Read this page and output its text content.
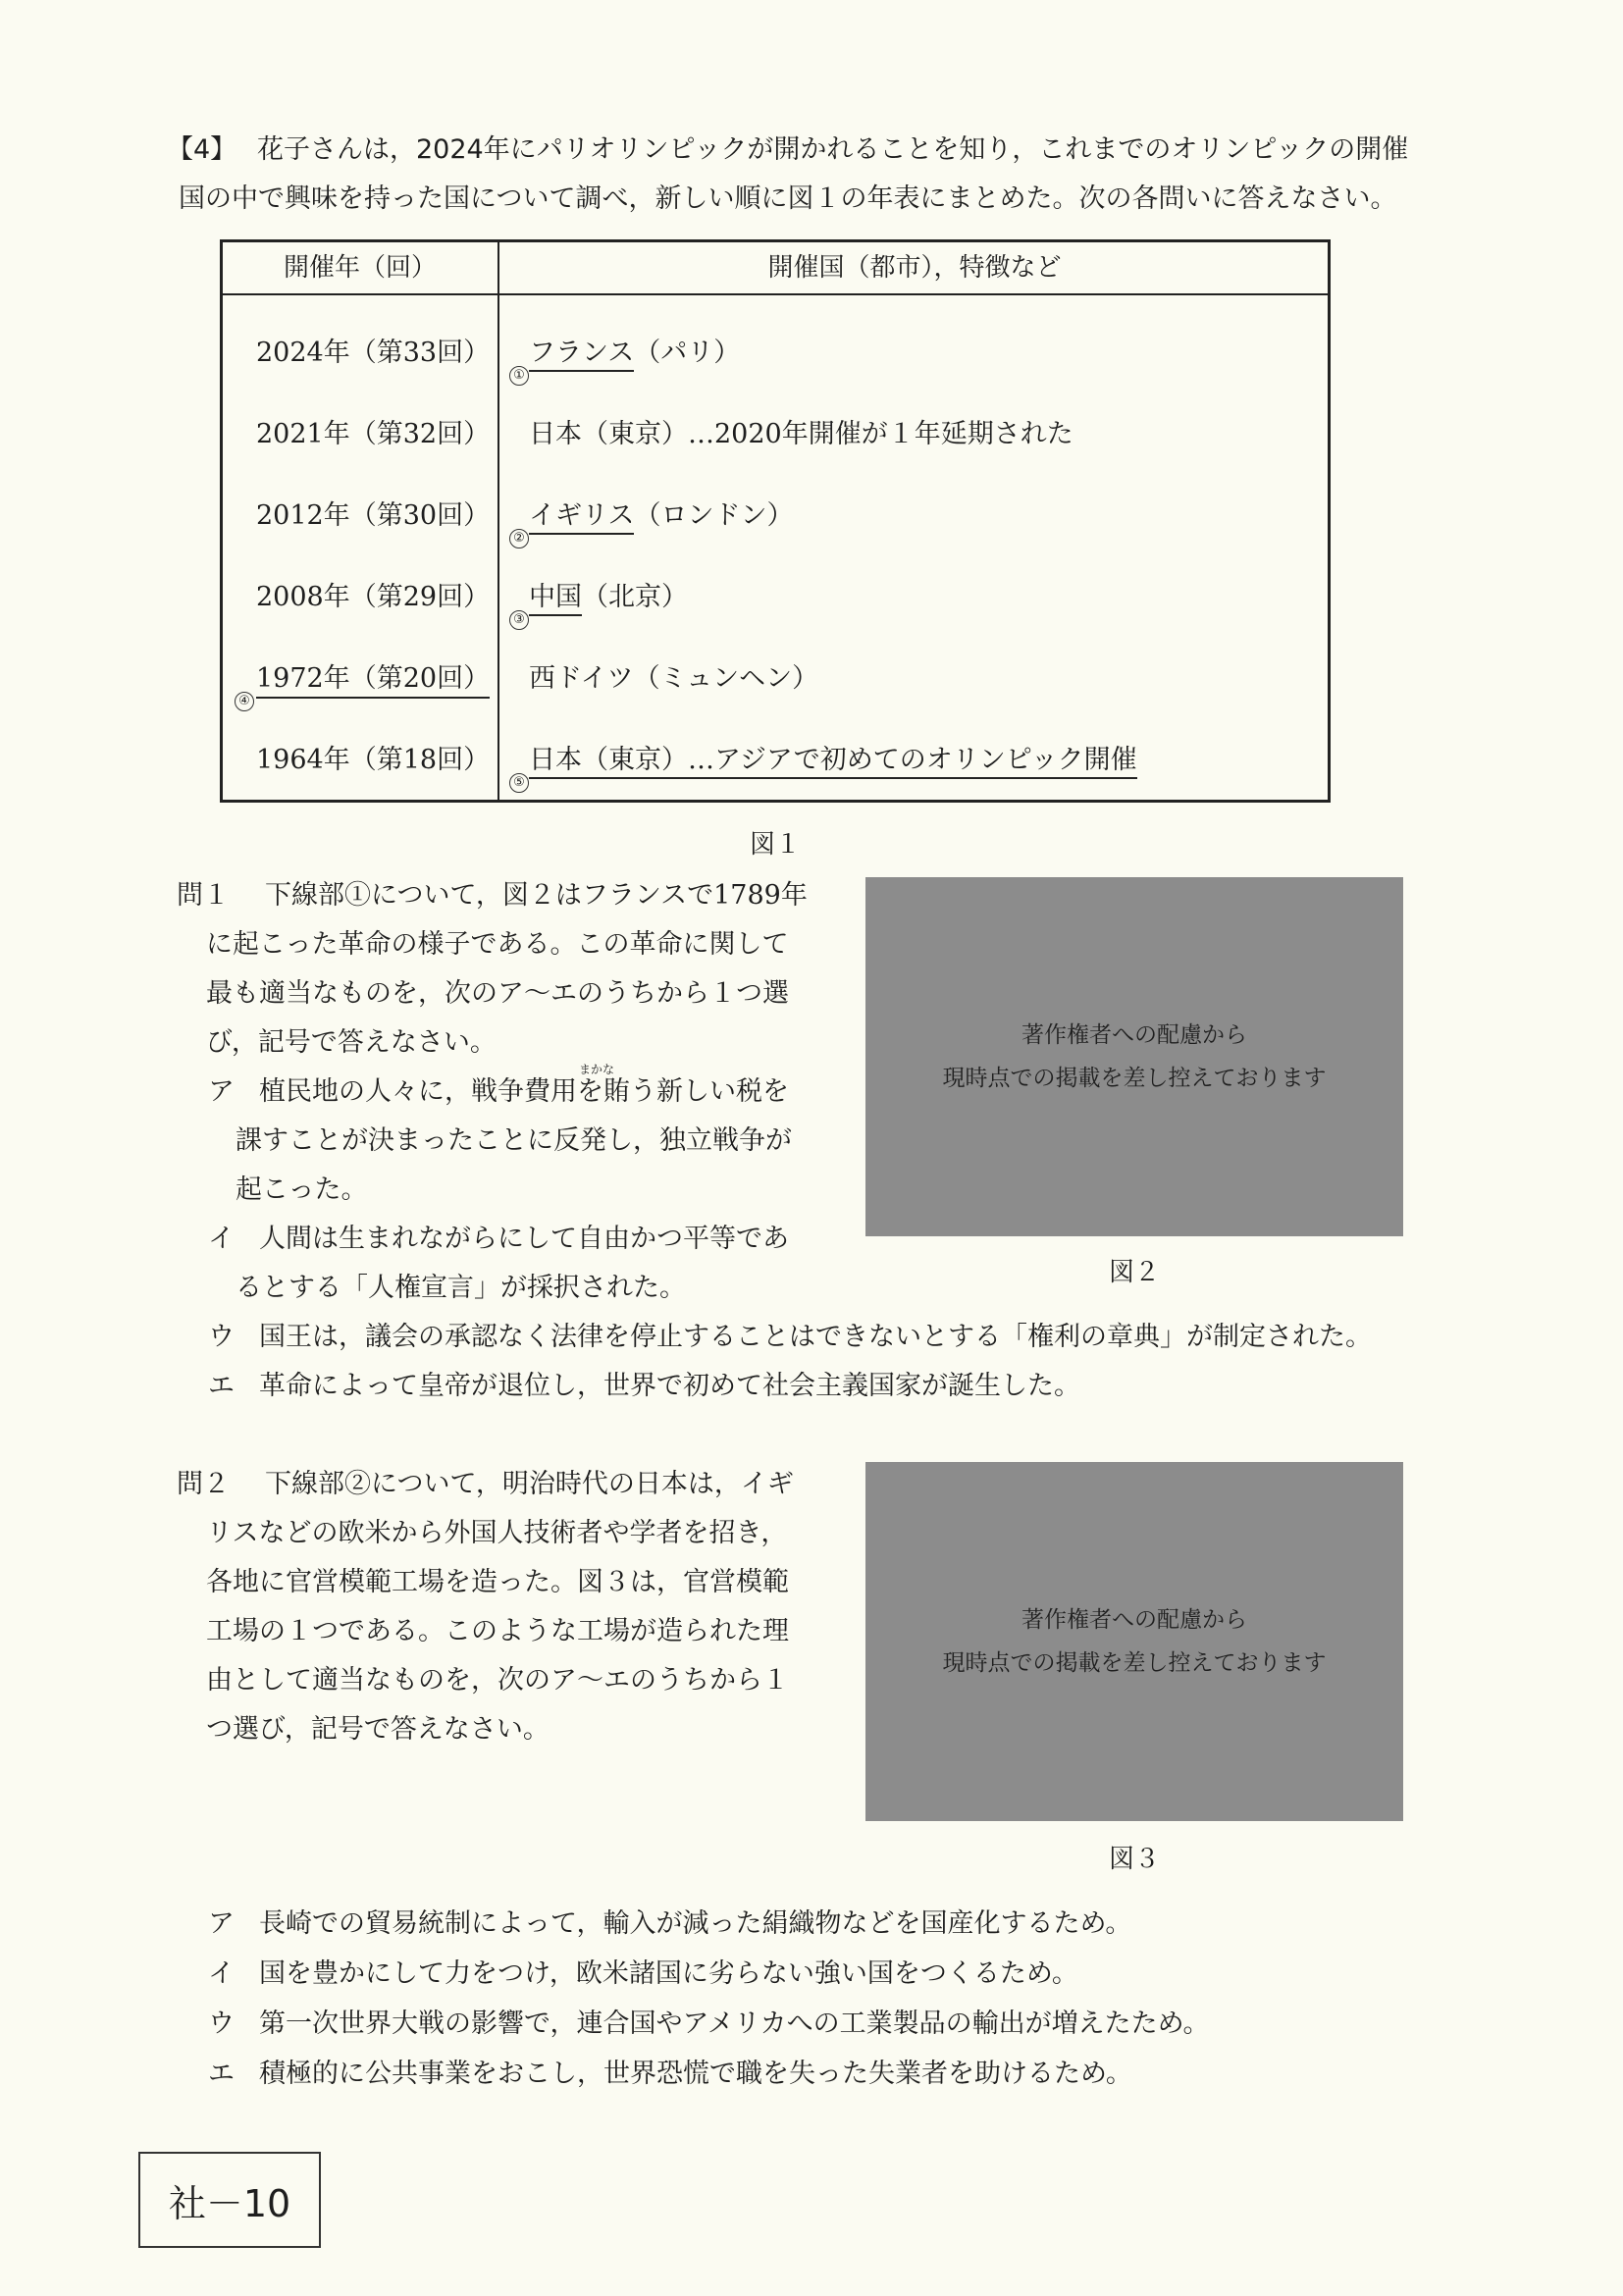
【4】 花子さんは，2024年にパリオリンピックが開かれることを知り，これまでのオリンピックの開催
国の中で興味を持った国について調べ，新しい順に図１の年表にまとめた。次の各問いに答えなさい。
開催年（回）	開催国（都市），特徴など
2024年（第33回）
①
フランス（パリ）
2021年（第32回） 日本（東京）…2020年開催が１年延期された
2012年（第30回）
②
イギリス（ロンドン）
2008年（第29回）
③
中国（北京）
④
1972年（第20回） 西ドイツ（ミュンヘン）
1964年（第18回）
⑤
日本（東京）…アジアで初めてのオリンピック開催
図１
問１ 下線部①について，図２はフランスで1789年
に起こった革命の様子である。この革命に関して
最も適当なものを，次のア～エのうちから１つ選
び，記号で答えなさい。
まかな
ア 植民地の人々に，戦争費用を賄う新しい税を
課すことが決まったことに反発し，独立戦争が
起こった。
イ 人間は生まれながらにして自由かつ平等であ
るとする「人権宣言」が採択された。
ウ 国王は，議会の承認なく法律を停止することはできないとする「権利の章典」が制定された。
エ 革命によって皇帝が退位し，世界で初めて社会主義国家が誕生した。
著作権者への配慮から
現時点での掲載を差し控えております
図２
問２ 下線部②について，明治時代の日本は，イギ
リスなどの欧米から外国人技術者や学者を招き，
各地に官営模範工場を造った。図３は，官営模範
工場の１つである。このような工場が造られた理
由として適当なものを，次のア～エのうちから１
つ選び，記号で答えなさい。
著作権者への配慮から
現時点での掲載を差し控えております
図３
ア 長崎での貿易統制によって，輸入が減った絹織物などを国産化するため。
イ 国を豊かにして力をつけ，欧米諸国に劣らない強い国をつくるため。
ウ 第一次世界大戦の影響で，連合国やアメリカへの工業製品の輸出が増えたため。
エ 積極的に公共事業をおこし，世界恐慌で職を失った失業者を助けるため。
社－10
